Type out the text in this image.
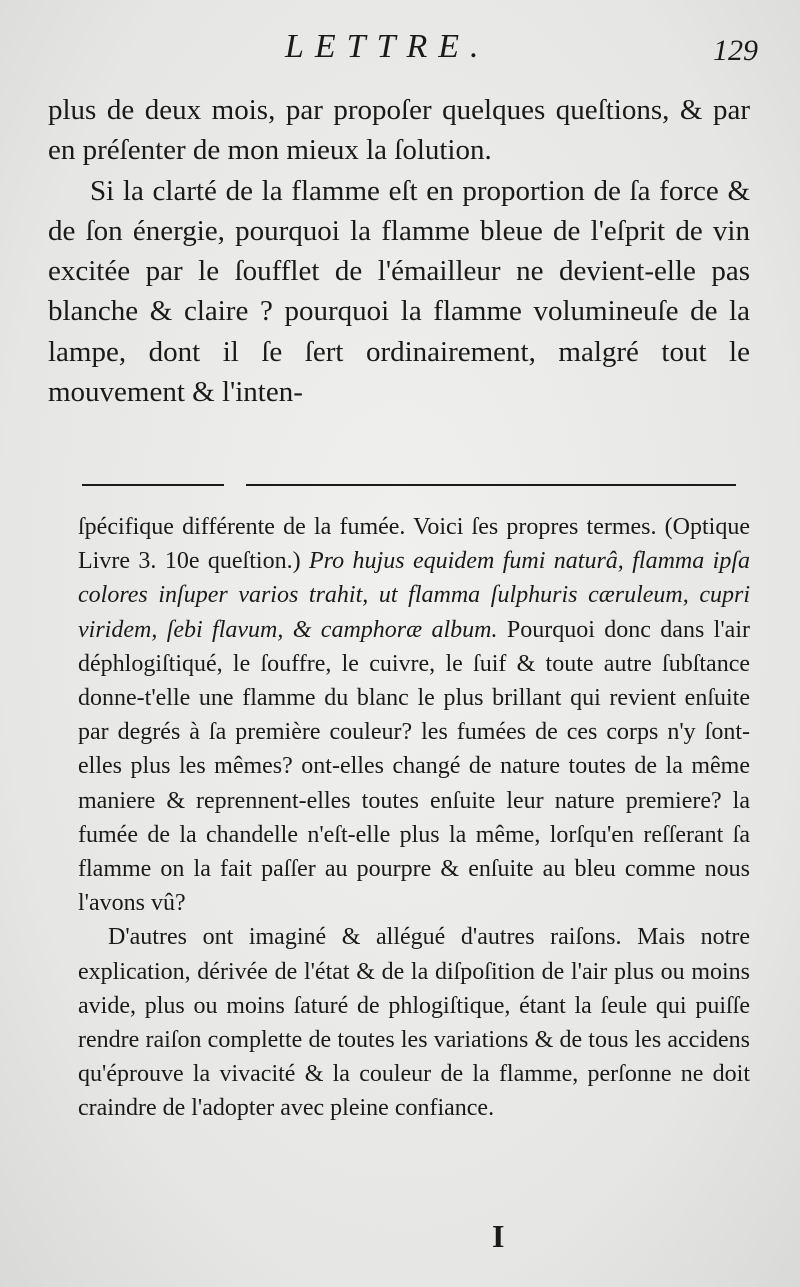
LETTRE.	129

plus de deux mois, par propoſer quelques queſtions, & par en préſenter de mon mieux la ſolution.

Si la clarté de la flamme eſt en proportion de ſa force & de ſon énergie, pourquoi la flamme bleue de l'eſprit de vin excitée par le ſoufflet de l'émailleur ne devient-elle pas blanche & claire ? pourquoi la flamme volumineuſe de la lampe, dont il ſe ſert ordinairement, malgré tout le mouvement & l'inten-

ſpécifique différente de la fumée. Voici ſes propres termes. (Optique Livre 3. 10e queſtion.) Pro hujus equidem fumi naturâ, flamma ipſa colores inſuper varios trahit, ut flamma ſulphuris cæruleum, cupri viridem, ſebi flavum, & camphoræ album. Pourquoi donc dans l'air déphlogiſtiqué, le ſouffre, le cuivre, le ſuif & toute autre ſubſtance donne-t'elle une flamme du blanc le plus brillant qui revient enſuite par degrés à ſa première couleur? les fumées de ces corps n'y ſont-elles plus les mêmes? ont-elles changé de nature toutes de la même maniere & reprennent-elles toutes enſuite leur nature premiere? la fumée de la chandelle n'eſt-elle plus la même, lorſqu'en reſſerant ſa flamme on la fait paſſer au pourpre & enſuite au bleu comme nous l'avons vû?

D'autres ont imaginé & allégué d'autres raiſons. Mais notre explication, dérivée de l'état & de la diſpoſition de l'air plus ou moins avide, plus ou moins ſaturé de phlogiſtique, étant la ſeule qui puiſſe rendre raiſon complette de toutes les variations & de tous les accidens qu'éprouve la vivacité & la couleur de la flamme, perſonne ne doit craindre de l'adopter avec pleine confiance.

I
